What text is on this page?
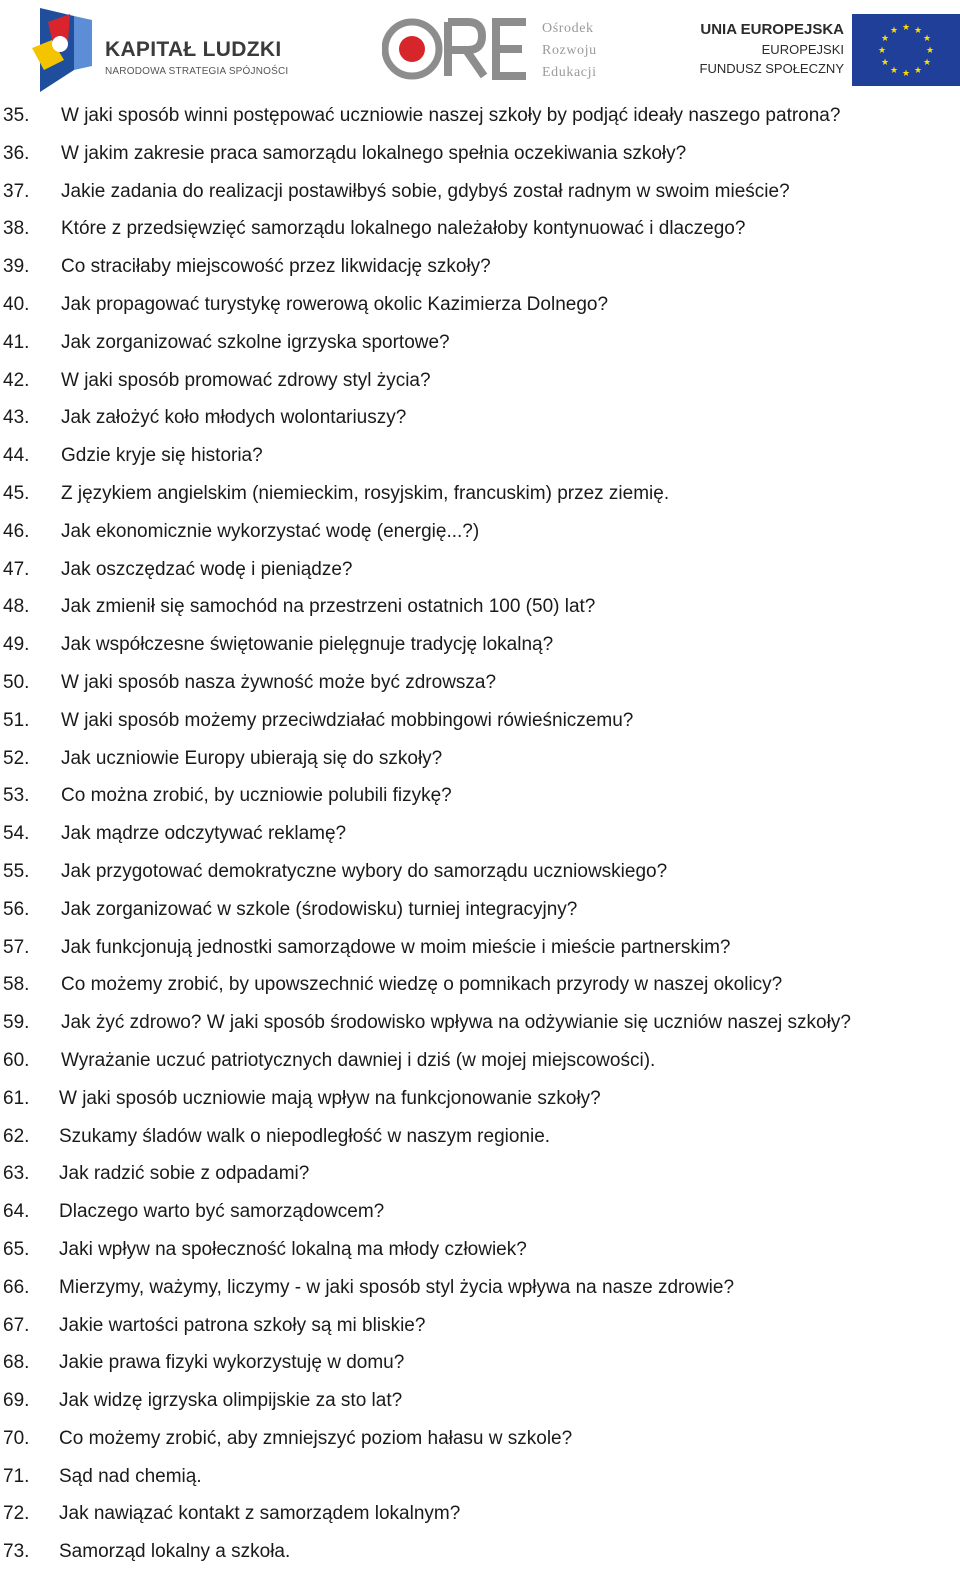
KAPITAŁ LUDZKI
NARODOWA STRATEGIA SPÓJNOŚCI
Ośrodek
Rozwoju
Edukacji
UNIA EUROPEJSKA
EUROPEJSKI
FUNDUSZ SPOŁECZNY
★ ★
★
★
★
★
★
★
★
★
★
★
35. W jaki sposób winni postępować uczniowie naszej szkoły by podjąć ideały naszego patrona?
36. W jakim zakresie praca samorządu lokalnego spełnia oczekiwania szkoły?
37. Jakie zadania do realizacji postawiłbyś sobie, gdybyś został radnym w swoim mieście?
38. Które z przedsięwzięć samorządu lokalnego należałoby kontynuować i dlaczego?
39. Co straciłaby miejscowość przez likwidację szkoły?
40. Jak propagować turystykę rowerową okolic Kazimierza Dolnego?
41. Jak zorganizować szkolne igrzyska sportowe?
42. W jaki sposób promować zdrowy styl życia?
43. Jak założyć koło młodych wolontariuszy?
44. Gdzie kryje się historia?
45. Z językiem angielskim (niemieckim, rosyjskim, francuskim) przez ziemię.
46. Jak ekonomicznie wykorzystać wodę (energię...?)
47. Jak oszczędzać wodę i pieniądze?
48. Jak zmienił się samochód na przestrzeni ostatnich 100 (50) lat?
49. Jak współczesne świętowanie pielęgnuje tradycję lokalną?
50. W jaki sposób nasza żywność może być zdrowsza?
51. W jaki sposób możemy przeciwdziałać mobbingowi rówieśniczemu?
52. Jak uczniowie Europy ubierają się do szkoły?
53. Co można zrobić, by uczniowie polubili fizykę?
54. Jak mądrze odczytywać reklamę?
55. Jak przygotować demokratyczne wybory do samorządu uczniowskiego?
56. Jak zorganizować w szkole (środowisku) turniej integracyjny?
57. Jak funkcjonują jednostki samorządowe w moim mieście i mieście partnerskim?
58. Co możemy zrobić, by upowszechnić wiedzę o pomnikach przyrody w naszej okolicy?
59. Jak żyć zdrowo? W jaki sposób środowisko wpływa na odżywianie się uczniów naszej szkoły?
60. Wyrażanie uczuć patriotycznych dawniej i dziś (w mojej miejscowości).
61. W jaki sposób uczniowie mają wpływ na funkcjonowanie szkoły?
62. Szukamy śladów walk o niepodległość w naszym regionie.
63. Jak radzić sobie z odpadami?
64. Dlaczego warto być samorządowcem?
65. Jaki wpływ na społeczność lokalną ma młody człowiek?
66. Mierzymy, ważymy, liczymy - w jaki sposób styl życia wpływa na nasze zdrowie?
67. Jakie wartości patrona szkoły są mi bliskie?
68. Jakie prawa fizyki wykorzystuję w domu?
69. Jak widzę igrzyska olimpijskie za sto lat?
70. Co możemy zrobić, aby zmniejszyć poziom hałasu w szkole?
71. Sąd nad chemią.
72. Jak nawiązać kontakt z samorządem lokalnym?
73. Samorząd lokalny a szkoła.
